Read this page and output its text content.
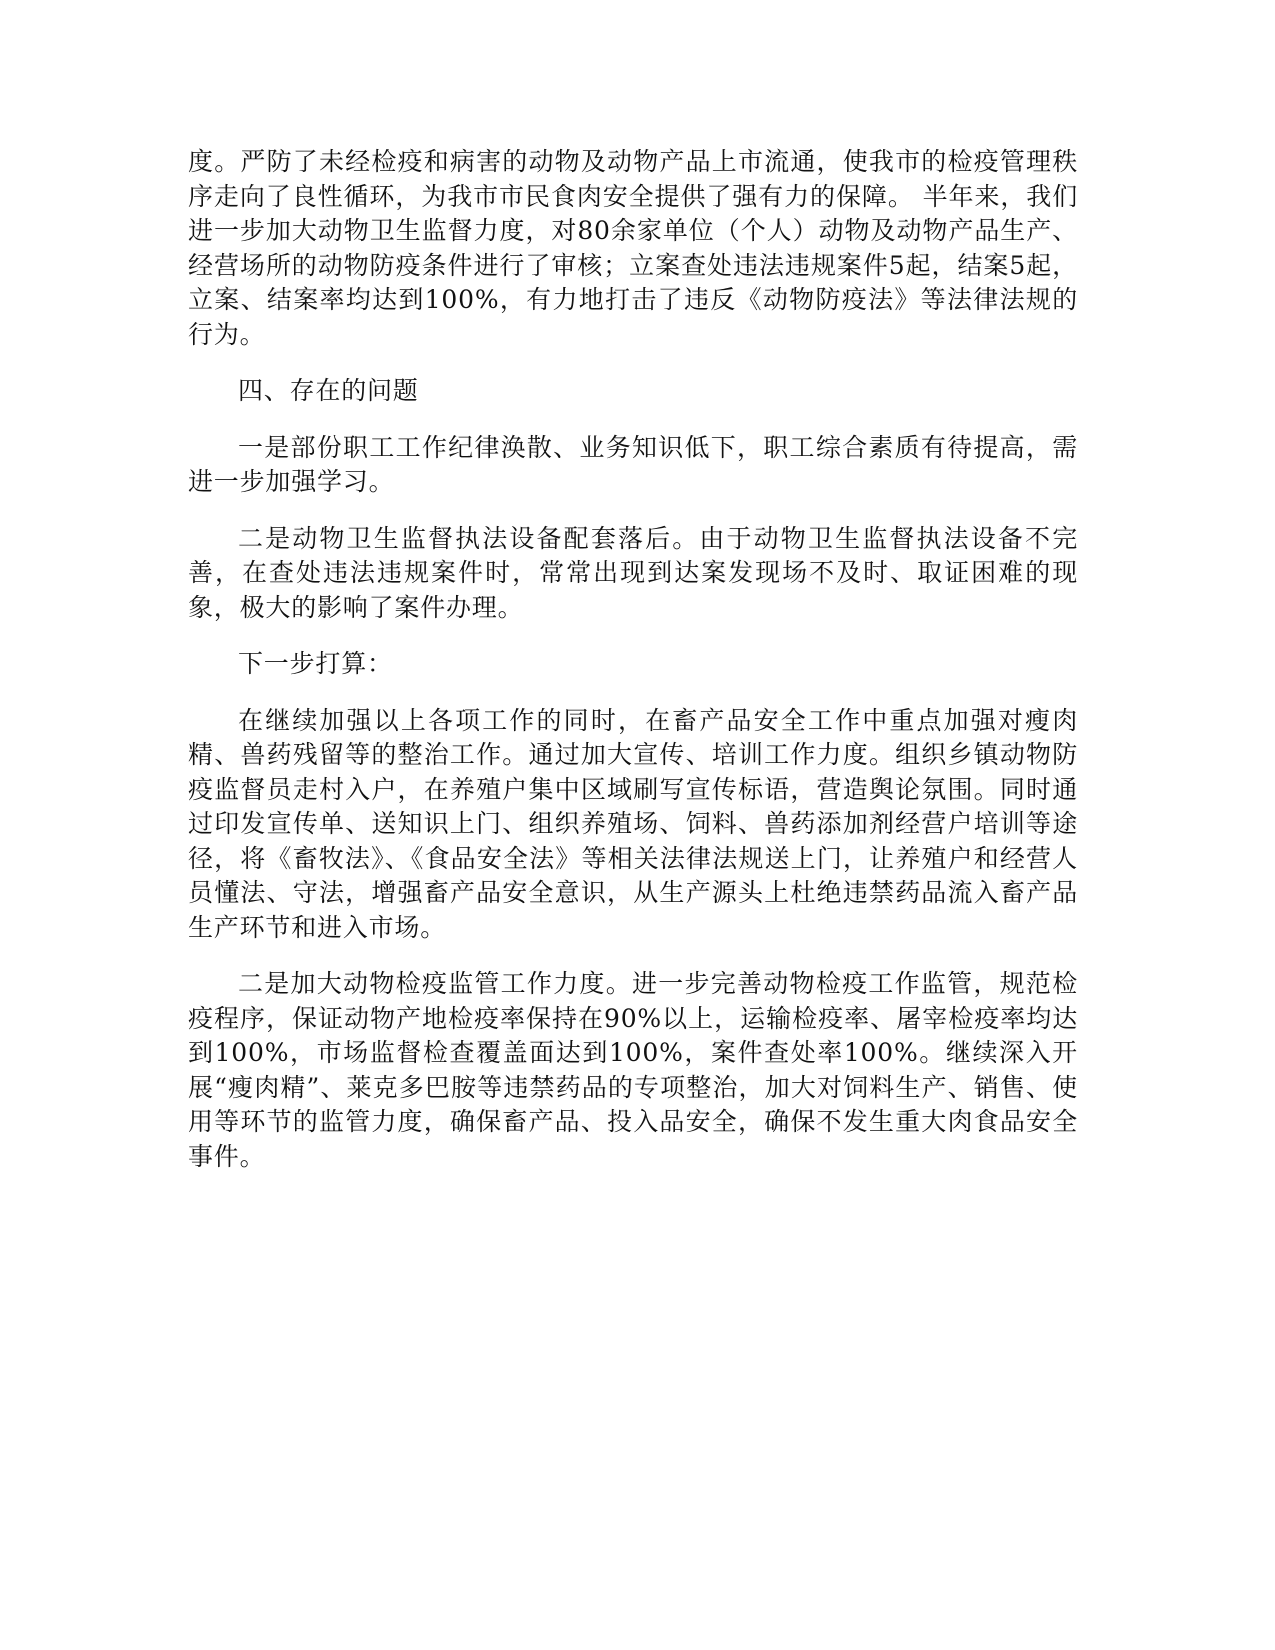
度。严防了未经检疫和病害的动物及动物产品上市流通，使我市的检疫管理秩序走向了良性循环，为我市市民食肉安全提供了强有力的保障。 半年来，我们进一步加大动物卫生监督力度，对80余家单位（个人）动物及动物产品生产、经营场所的动物防疫条件进行了审核；立案查处违法违规案件5起，结案5起，立案、结案率均达到100%，有力地打击了违反《动物防疫法》等法律法规的行为。

四、存在的问题

一是部份职工工作纪律涣散、业务知识低下，职工综合素质有待提高，需进一步加强学习。

二是动物卫生监督执法设备配套落后。由于动物卫生监督执法设备不完善，在查处违法违规案件时，常常出现到达案发现场不及时、取证困难的现象，极大的影响了案件办理。

下一步打算：

在继续加强以上各项工作的同时，在畜产品安全工作中重点加强对瘦肉精、兽药残留等的整治工作。通过加大宣传、培训工作力度。组织乡镇动物防疫监督员走村入户，在养殖户集中区域刷写宣传标语，营造舆论氛围。同时通过印发宣传单、送知识上门、组织养殖场、饲料、兽药添加剂经营户培训等途径，将《畜牧法》、《食品安全法》等相关法律法规送上门，让养殖户和经营人员懂法、守法，增强畜产品安全意识，从生产源头上杜绝违禁药品流入畜产品生产环节和进入市场。

二是加大动物检疫监管工作力度。进一步完善动物检疫工作监管，规范检疫程序，保证动物产地检疫率保持在90%以上，运输检疫率、屠宰检疫率均达到100%，市场监督检查覆盖面达到100%，案件查处率100%。继续深入开展“瘦肉精”、莱克多巴胺等违禁药品的专项整治，加大对饲料生产、销售、使用等环节的监管力度，确保畜产品、投入品安全，确保不发生重大肉食品安全事件。
